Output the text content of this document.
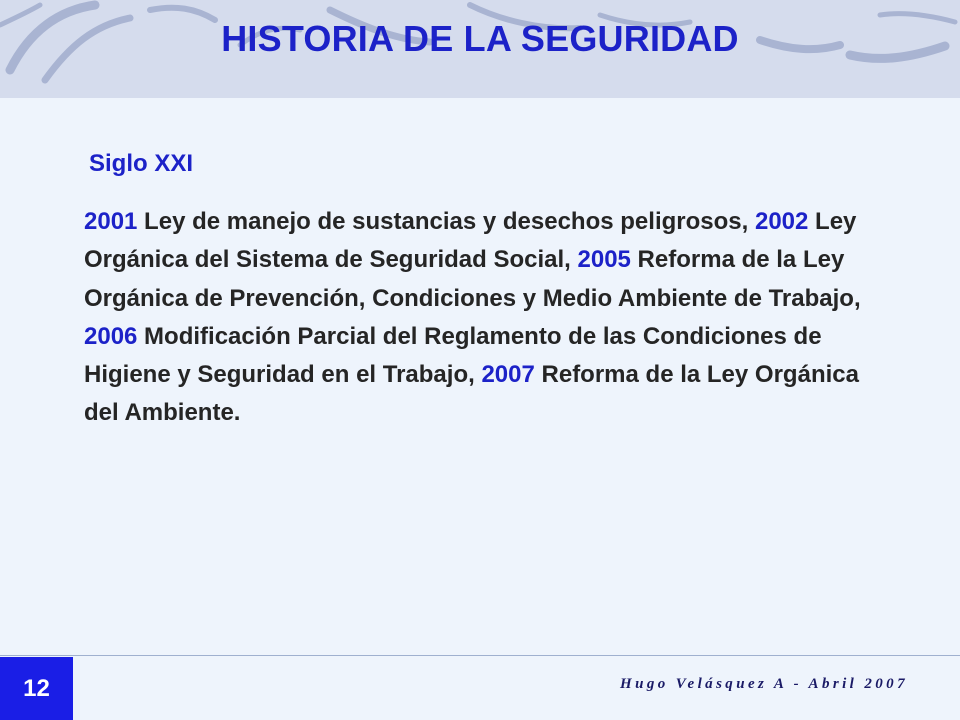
HISTORIA DE LA SEGURIDAD

Siglo XXI

2001 Ley de manejo de sustancias y desechos peligrosos, 2002 Ley Orgánica del Sistema de Seguridad Social, 2005 Reforma de la Ley Orgánica de Prevención, Condiciones y Medio Ambiente de Trabajo, 2006 Modificación Parcial del Reglamento de las Condiciones de Higiene y Seguridad en el Trabajo, 2007 Reforma de la Ley Orgánica del Ambiente.

12	Hugo Velásquez A - Abril 2007
